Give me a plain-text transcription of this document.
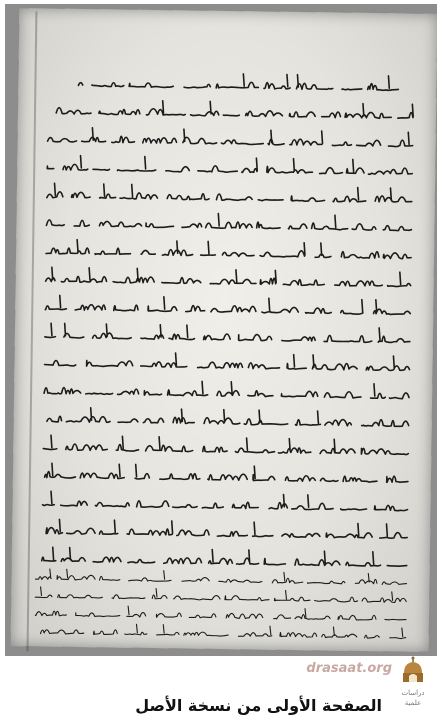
drasaat.org
دراسات علمية
الصفحة الأولى من نسخة الأصل
